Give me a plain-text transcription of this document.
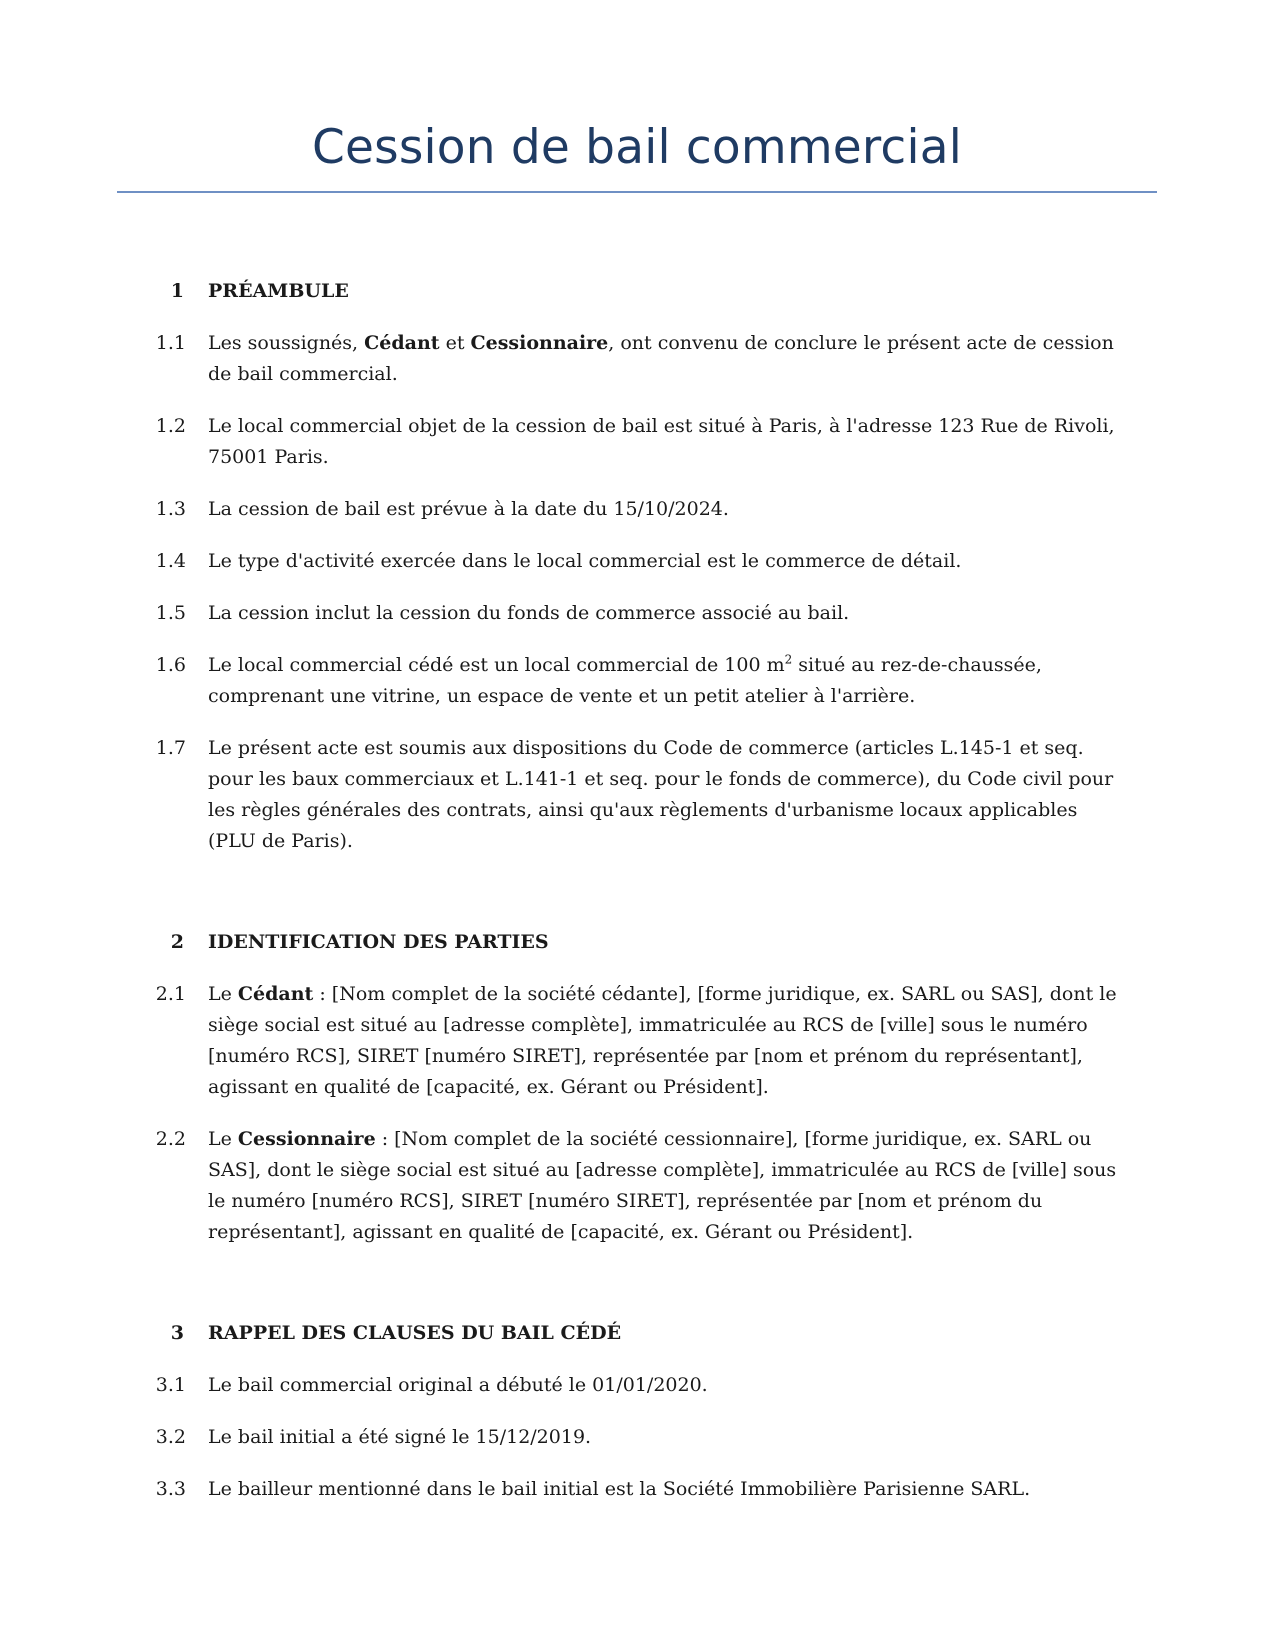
Cession de bail commercial
1 PRÉAMBULE
1.1 Les soussignés, Cédant et Cessionnaire, ont convenu de conclure le présent acte de cession de bail commercial.
1.2 Le local commercial objet de la cession de bail est situé à Paris, à l'adresse 123 Rue de Rivoli, 75001 Paris.
1.3 La cession de bail est prévue à la date du 15/10/2024.
1.4 Le type d'activité exercée dans le local commercial est le commerce de détail.
1.5 La cession inclut la cession du fonds de commerce associé au bail.
1.6 Le local commercial cédé est un local commercial de 100 $m^2$ situé au rez-de-chaussée, comprenant une vitrine, un espace de vente et un petit atelier à l'arrière.
1.7 Le présent acte est soumis aux dispositions du Code de commerce (articles L.145-1 et seq. pour les baux commerciaux et L.141-1 et seq. pour le fonds de commerce), du Code civil pour les règles générales des contrats, ainsi qu'aux règlements d'urbanisme locaux applicables (PLU de Paris).
2 IDENTIFICATION DES PARTIES
2.1 Le Cédant : [Nom complet de la société cédante], [forme juridique, ex. SARL ou SAS], dont le siège social est situé au [adresse complète], immatriculée au RCS de [ville] sous le numéro [numéro RCS], SIRET [numéro SIRET], représentée par [nom et prénom du représentant], agissant en qualité de [capacité, ex. Gérant ou Président].
2.2 Le Cessionnaire : [Nom complet de la société cessionnaire], [forme juridique, ex. SARL ou SAS], dont le siège social est situé au [adresse complète], immatriculée au RCS de [ville] sous le numéro [numéro RCS], SIRET [numéro SIRET], représentée par [nom et prénom du représentant], agissant en qualité de [capacité, ex. Gérant ou Président].
3 RAPPEL DES CLAUSES DU BAIL CÉDÉ
3.1 Le bail commercial original a débuté le 01/01/2020.
3.2 Le bail initial a été signé le 15/12/2019.
3.3 Le bailleur mentionné dans le bail initial est la Société Immobilière Parisienne SARL.
